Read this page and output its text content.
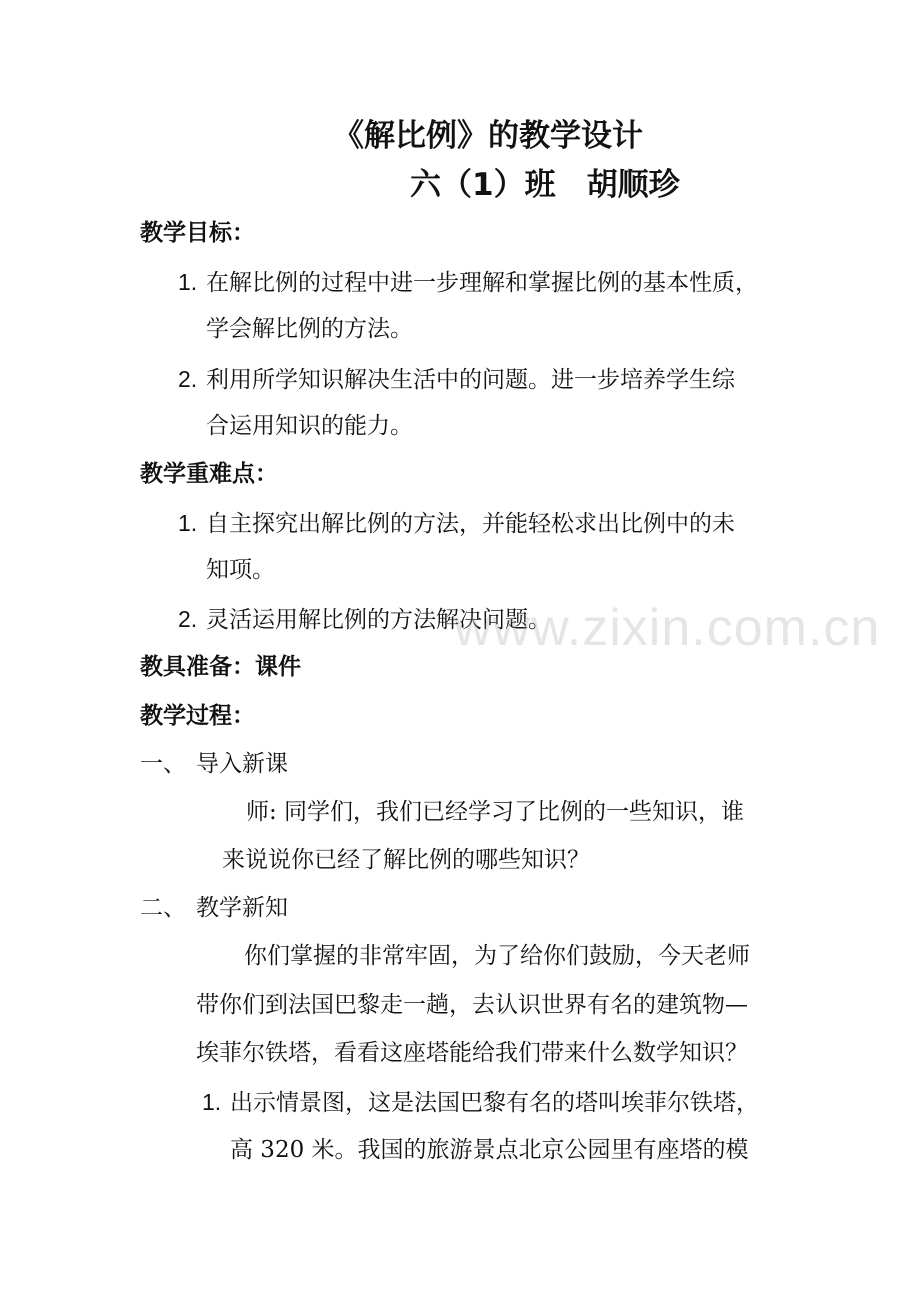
《解比例》的教学设计
六（1）班　胡顺珍
教学目标：
1. 在解比例的过程中进一步理解和掌握比例的基本性质，
学会解比例的方法。
2. 利用所学知识解决生活中的问题。进一步培养学生综
合运用知识的能力。
教学重难点：
1. 自主探究出解比例的方法，并能轻松求出比例中的未
知项。
2. 灵活运用解比例的方法解决问题。
www.zixin.com.cn
教具准备：课件
教学过程：
一、 导入新课
师: 同学们，我们已经学习了比例的一些知识，谁
来说说你已经了解比例的哪些知识？
二、 教学新知
你们掌握的非常牢固，为了给你们鼓励，今天老师
带你们到法国巴黎走一趟，去认识世界有名的建筑物—
埃菲尔铁塔，看看这座塔能给我们带来什么数学知识？
1. 出示情景图，这是法国巴黎有名的塔叫埃菲尔铁塔，
高 320 米。我国的旅游景点北京公园里有座塔的模
